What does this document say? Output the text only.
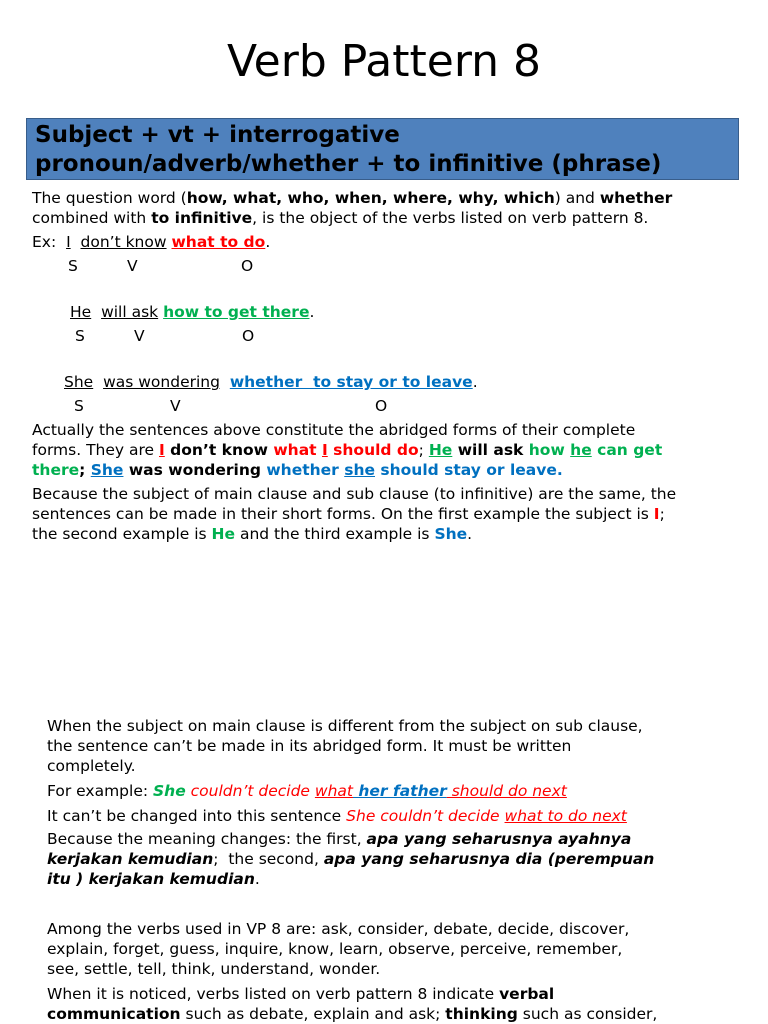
Verb Pattern 8
Subject + vt + interrogative
pronoun/adverb/whether + to infinitive (phrase)
The question word (how, what, who, when, where, why, which) and whether
combined with to infinitive, is the object of the verbs listed on verb pattern 8.
Ex: I don’t know what to do.
S	V	O
He will ask how to get there.
S	V	O
She was wondering whether  to stay or to leave.
S	V	O
Actually the sentences above constitute the abridged forms of their complete
forms. They are I don’t know what I should do; He will ask how he can get
there; She was wondering whether she should stay or leave.
Because the subject of main clause and sub clause (to infinitive) are the same, the
sentences can be made in their short forms. On the first example the subject is I;
the second example is He and the third example is She.
When the subject on main clause is different from the subject on sub clause,
the sentence can’t be made in its abridged form. It must be written
completely.
For example: She couldn’t decide what her father should do next
It can’t be changed into this sentence She couldn’t decide what to do next
Because the meaning changes: the first, apa yang seharusnya ayahnya
kerjakan kemudian;  the second, apa yang seharusnya dia (perempuan
itu ) kerjakan kemudian.
Among the verbs used in VP 8 are: ask, consider, debate, decide, discover,
explain, forget, guess, inquire, know, learn, observe, perceive, remember,
see, settle, tell, think, understand, wonder.
When it is noticed, verbs listed on verb pattern 8 indicate verbal
communication such as debate, explain and ask; thinking such as consider,
